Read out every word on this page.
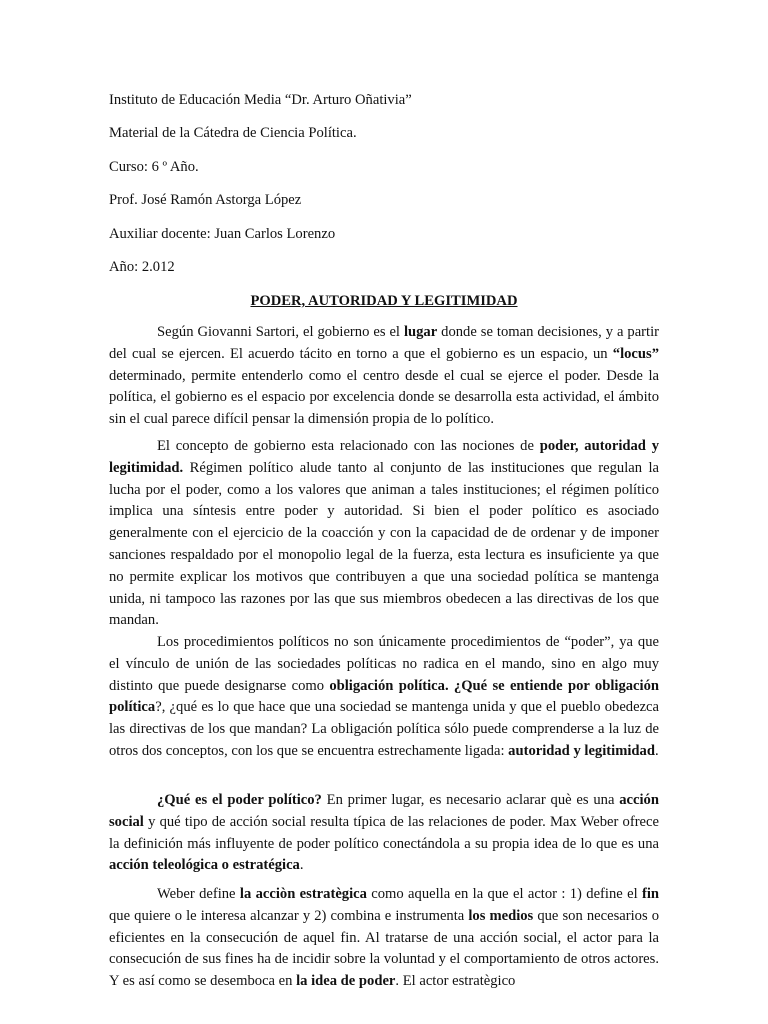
Instituto de Educación Media “Dr. Arturo Oñativia”

Material de la Cátedra de Ciencia Política.

Curso: 6 º Año.

Prof. José Ramón Astorga López

Auxiliar docente: Juan Carlos Lorenzo

Año: 2.012

PODER, AUTORIDAD Y LEGITIMIDAD

Según Giovanni Sartori, el gobierno es el lugar donde se toman decisiones, y a partir del cual se ejercen. El acuerdo tácito en torno a que el gobierno es un espacio, un “locus” determinado, permite entenderlo como el centro desde el cual se ejerce el poder. Desde la política, el gobierno es el espacio por excelencia donde se desarrolla esta actividad, el ámbito sin el cual parece difícil pensar la dimensión propia de lo político.

El concepto de gobierno esta relacionado con las nociones de poder, autoridad y legitimidad. Régimen político alude tanto al conjunto de las instituciones que regulan la lucha por el poder, como a los valores que animan a tales instituciones; el régimen político implica una síntesis entre poder y autoridad. Si bien el poder político es asociado generalmente con el ejercicio de la coacción y con la capacidad de de ordenar y de imponer sanciones respaldado por el monopolio legal de la fuerza, esta lectura es insuficiente ya que no permite explicar los motivos que contribuyen a que una sociedad política se mantenga unida, ni tampoco las razones por las que sus miembros obedecen a las directivas de los que mandan.

Los procedimientos políticos no son únicamente procedimientos de “poder”, ya que el vínculo de unión de las sociedades políticas no radica en el mando, sino en algo muy distinto que puede designarse como obligación política. ¿Qué se entiende por obligación política?, ¿qué es lo que hace que una sociedad se mantenga unida y que el pueblo obedezca las directivas de los que mandan? La obligación política sólo puede comprenderse a la luz de otros dos conceptos, con los que se encuentra estrechamente ligada: autoridad y legitimidad.

¿Qué es el poder político? En primer lugar, es necesario aclarar què es una acción social y qué tipo de acción social resulta típica de las relaciones de poder. Max Weber ofrece la definición más influyente de poder político conectándola a su propia idea de lo que es una acción teleológica o estratégica.

Weber define la acciòn estratègica como aquella en la que el actor : 1) define el fin que quiere o le interesa alcanzar y 2) combina e instrumenta los medios que son necesarios o eficientes en la consecución de aquel fin. Al tratarse de una acción social, el actor para la consecución de sus fines ha de incidir sobre la voluntad y el comportamiento de otros actores. Y es así como se desemboca en la idea de poder. El actor estratègico
